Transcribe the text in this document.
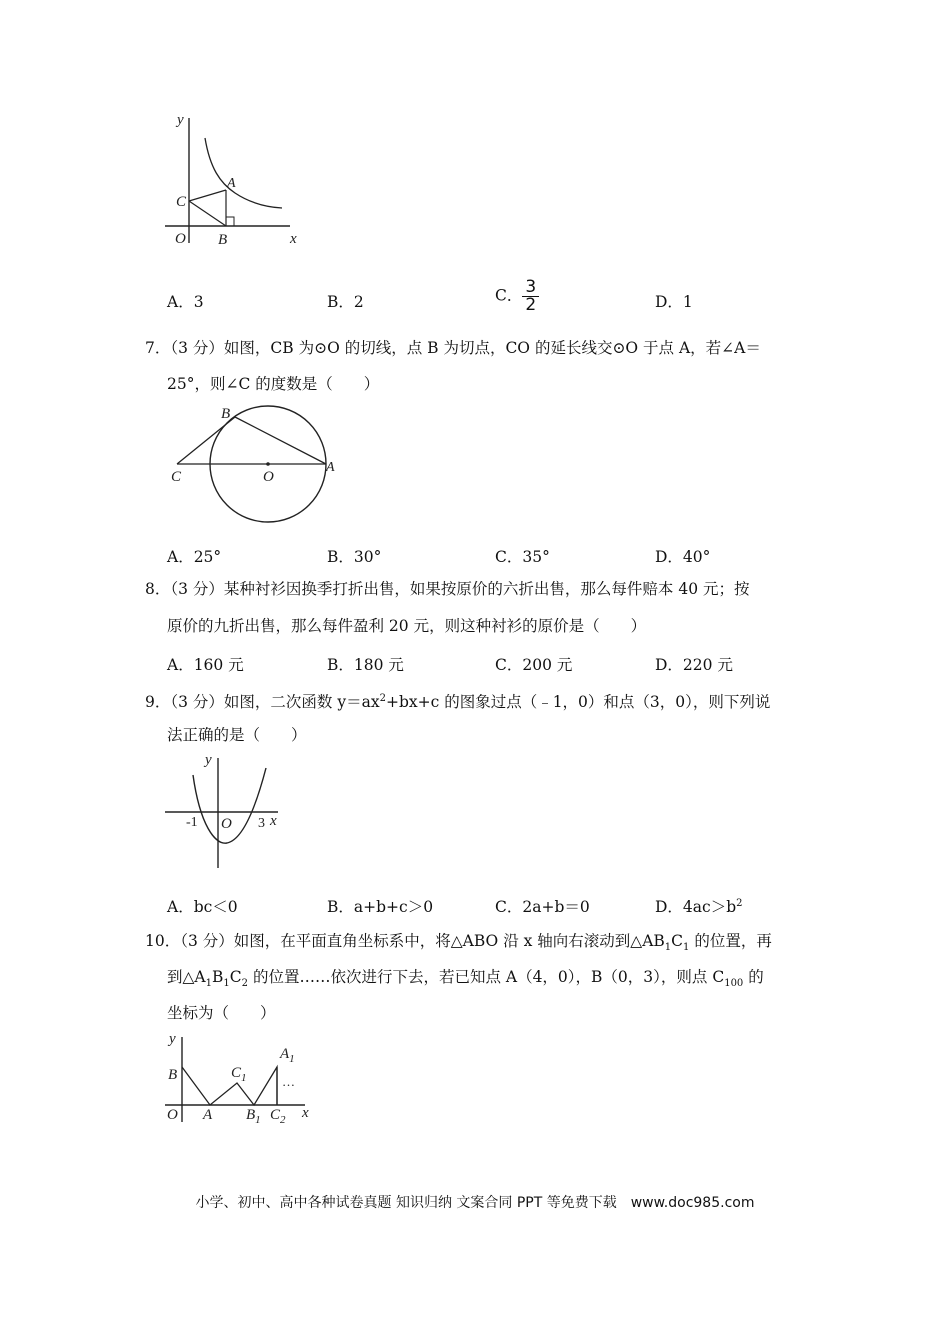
y
x
O
A
B
C
A．3	B．2	C． $\frac{3}{2}$	D．1
7．（3 分）如图，CB 为⊙O 的切线，点 B 为切点，CO 的延长线交⊙O 于点 A，若∠A＝
25°，则∠C 的度数是（　　）
B
C	O
A
A．25°	B．30°	C．35°	D．40°
8．（3 分）某种衬衫因换季打折出售，如果按原价的六折出售，那么每件赔本 40 元；按
原价的九折出售，那么每件盈利 20 元，则这种衬衫的原价是（　　）
A．160 元	B．180 元	C．200 元	D．220 元
9．（3 分）如图，二次函数 $y=ax^2+bx+c$ 的图象过点（﹣1，0）和点（3，0），则下列说
法正确的是（　　）
y
x
O
-1	3
A．bc＜0	B．a+b+c＞0	C．2a+b＝0	D．$4ac>b^2$
10．（3 分）如图，在平面直角坐标系中，将△ABO 沿 x 轴向右滚动到$\triangle AB_1C_1$ 的位置，再
到$\triangle A_1B_1C_2$ 的位置……依次进行下去，若已知点 A（4，0），B（0，3），则点 $C_{100}$ 的
坐标为（　　）
y
x
O
B
A
$C_1$
$B_1$ $C_2$
$A_1$
…
小学、初中、高中各种试卷真题 知识归纳 文案合同 PPT 等免费下载　www.doc985.com
